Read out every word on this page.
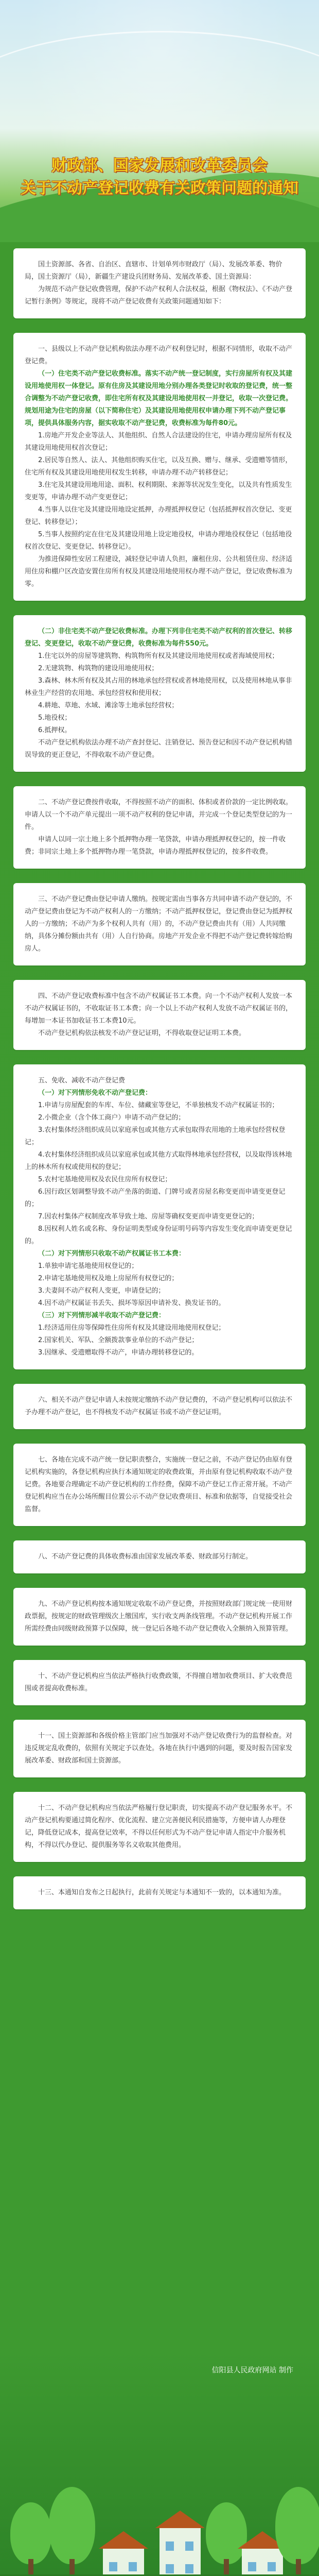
财政部、国家发展和改革委员会
关于不动产登记收费有关政策问题的通知

国土资源部、各省、自治区、直辖市、计划单列市财政厅（局）、发展改革委、物价局，国土资源厅（局），新疆生产建设兵团财务局、发展改革委、国土资源局：

为规范不动产登记收费管理，保护不动产权利人合法权益，根据《物权法》、《不动产登记暂行条例》等规定，现将不动产登记收费有关政策问题通知如下：

一、县级以上不动产登记机构依法办理不动产权利登记时，根据不同情形，收取不动产登记费。

（一）住宅类不动产登记收费标准。落实不动产统一登记制度，实行房屋所有权及其建设用地使用权一体登记。原有住房及其建设用地分别办理各类登记时收取的登记费，统一整合调整为不动产登记收费，即住宅所有权及其建设用地使用权一并登记，收取一次登记费。规划用途为住宅的房屋（以下简称住宅）及其建设用地使用权申请办理下列不动产登记事项，提供具体服务内容，据实收取不动产登记费，收费标准为每件80元。

1.房地产开发企业等法人、其他组织、自然人合法建设的住宅，申请办理房屋所有权及其建设用地使用权首次登记；

2.居民等自然人、法人、其他组织购买住宅，以及互换、赠与、继承、受遗赠等情形，住宅所有权及其建设用地使用权发生转移，申请办理不动产转移登记；

3.住宅及其建设用地用途、面积、权利期限、来源等状况发生变化，以及共有性质发生变更等，申请办理不动产变更登记；

4.当事人以住宅及其建设用地设定抵押，办理抵押权登记（包括抵押权首次登记、变更登记、转移登记）；

5.当事人按照约定在住宅及其建设用地上设定地役权，申请办理地役权登记（包括地役权首次登记、变更登记、转移登记）。

为推进保障性安居工程建设，减轻登记申请人负担，廉租住房、公共租赁住房、经济适用住房和棚户区改造安置住房所有权及其建设用地使用权办理不动产登记，登记收费标准为零。

（二）非住宅类不动产登记收费标准。办理下列非住宅类不动产权利的首次登记、转移登记、变更登记，收取不动产登记费，收费标准为每件550元。

1.住宅以外的房屋等建筑物、构筑物所有权及其建设用地使用权或者海域使用权；

2.无建筑物、构筑物的建设用地使用权；

3.森林、林木所有权及其占用的林地承包经营权或者林地使用权，以及使用林地从事非林业生产经营的农用地、承包经营权和使用权；

4.耕地、草地、水域、滩涂等土地承包经营权；

5.地役权；

6.抵押权。

不动产登记机构依法办理不动产查封登记、注销登记、预告登记和因不动产登记机构错误导致的更正登记，不得收取不动产登记费。

二、不动产登记费按件收取，不得按照不动产的面积、体积或者价款的一定比例收取。申请人以一个不动产单元提出一项不动产权利的登记申请，并完成一个登记类型登记的为一件。

申请人以同一宗土地上多个抵押物办理一笔贷款，申请办理抵押权登记的，按一件收费；非同宗土地上多个抵押物办理一笔贷款，申请办理抵押权登记的，按多件收费。

三、不动产登记费由登记申请人缴纳。按规定需由当事各方共同申请不动产登记的，不动产登记费由登记为不动产权利人的一方缴纳；不动产抵押权登记，登记费由登记为抵押权人的一方缴纳；不动产为多个权利人共有（用）的，不动产登记费由共有（用）人共同缴纳，具体分摊份额由共有（用）人自行协商。房地产开发企业不得把不动产登记费转嫁给购房人。

四、不动产登记收费标准中包含不动产权属证书工本费。向一个不动产权利人发放一本不动产权属证书的，不收取证书工本费；向一个以上不动产权利人发放不动产权属证书的，每增加一本证书加收证书工本费10元。

不动产登记机构依法核发不动产登记证明，不得收取登记证明工本费。

五、免收、减收不动产登记费

（一）对下列情形免收不动产登记费：

1.申请与房屋配套的车库、车位、储藏室等登记，不单独核发不动产权属证书的；

2.小微企业（含个体工商户）申请不动产登记的；

3.农村集体经济组织成员以家庭承包或其他方式承包取得农用地的土地承包经营权登记；

4.农村集体经济组织成员以家庭承包或其他方式取得林地承包经营权，以及取得该林地上的林木所有权或使用权的登记；

5.农村宅基地使用权及农民住房所有权登记；

6.因行政区划调整导致不动产坐落的街道、门牌号或者房屋名称变更而申请变更登记的；

7.因农村集体产权制度改革导致土地、房屋等确权变更而申请变更登记的；

8.因权利人姓名或名称、身份证明类型或身份证明号码等内容发生变化而申请变更登记的。

（二）对下列情形只收取不动产权属证书工本费：

1.单独申请宅基地使用权登记的；

2.申请宅基地使用权及地上房屋所有权登记的；

3.夫妻间不动产权利人变更，申请登记的；

4.因不动产权属证书丢失、损坏等原因申请补发、换发证书的。

（三）对下列情形减半收取不动产登记费：

1.经济适用住房等保障性住房所有权及其建设用地使用权登记；

2.国家机关、军队、全额拨款事业单位的不动产登记；

3.因继承、受遗赠取得不动产，申请办理转移登记的。

六、相关不动产登记申请人未按规定缴纳不动产登记费的，不动产登记机构可以依法不予办理不动产登记，也不得核发不动产权属证书或不动产登记证明。

七、各地在完成不动产统一登记职责整合，实施统一登记之前，不动产登记仍由原有登记机构实施的，各登记机构应执行本通知规定的收费政策，并由原有登记机构收取不动产登记费。各地要合理确定不动产登记机构的工作经费，保障不动产登记工作正常开展。不动产登记机构应当在办公场所醒目位置公示不动产登记收费项目、标准和依据等，自觉接受社会监督。

八、不动产登记费的具体收费标准由国家发展改革委、财政部另行制定。

九、不动产登记机构按本通知规定收取不动产登记费，并按照财政部门规定统一使用财政票据，按规定的财政管理级次上缴国库，实行收支两条线管理。不动产登记机构开展工作所需经费由同级财政预算予以保障，统一登记后各地不动产登记费收入全额纳入预算管理。

十、不动产登记机构应当依法严格执行收费政策，不得擅自增加收费项目、扩大收费范围或者提高收费标准。

十一、国土资源部和各级价格主管部门应当加强对不动产登记收费行为的监督检查。对违反规定乱收费的，依照有关规定予以查处。各地在执行中遇到的问题，要及时报告国家发展改革委、财政部和国土资源部。

十二、不动产登记机构应当依法严格履行登记职责，切实提高不动产登记服务水平。不动产登记机构要通过简化程序、优化流程、建立完善便民利民措施等，方便申请人办理登记，降低登记成本，提高登记效率，不得以任何形式为不动产登记申请人指定中介服务机构，不得以代办登记、提供服务等名义收取其他费用。

十三、本通知自发布之日起执行，此前有关规定与本通知不一致的，以本通知为准。

信阳县人民政府网站 制作
